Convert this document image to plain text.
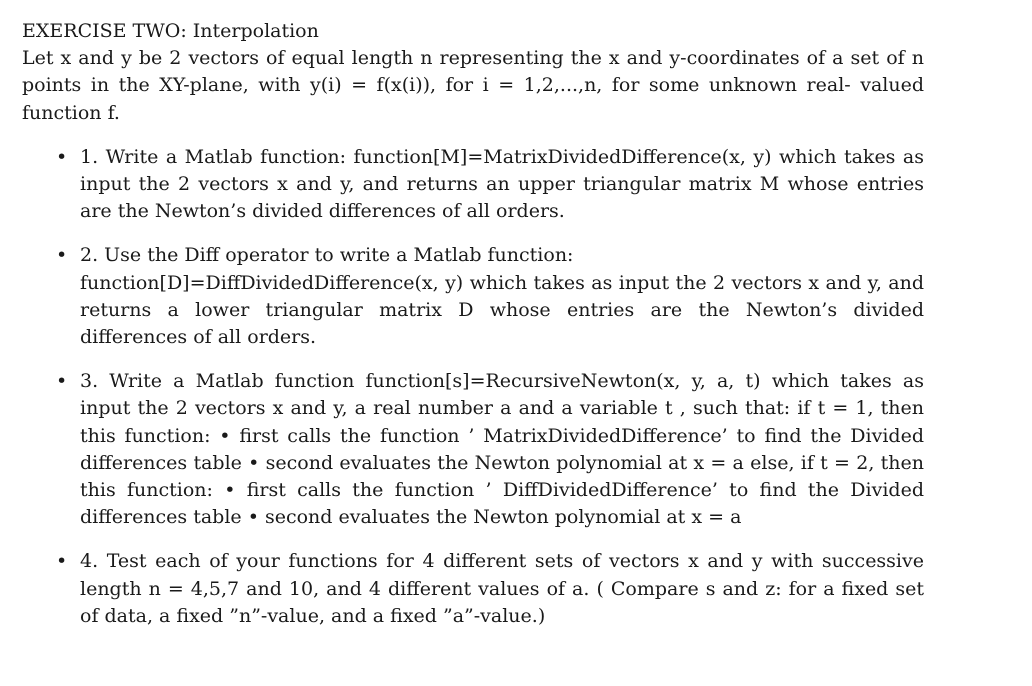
EXERCISE TWO: Interpolation

Let x and y be 2 vectors of equal length n representing the x and y-coordinates of a set of n points in the XY-plane, with y(i) = f(x(i)), for i = 1,2,...,n, for some unknown real- valued function f.

• 1. Write a Matlab function: function[M]=MatrixDividedDifference(x, y) which takes as input the 2 vectors x and y, and returns an upper triangular matrix M whose entries are the Newton’s divided differences of all orders.
• 2. Use the Diff operator to write a Matlab function:
function[D]=DiffDividedDifference(x, y) which takes as input the 2 vectors x and y, and returns a lower triangular matrix D whose entries are the Newton’s divided differences of all orders.
• 3. Write a Matlab function function[s]=RecursiveNewton(x, y, a, t) which takes as input the 2 vectors x and y, a real number a and a variable t , such that: if t = 1, then this function: • first calls the function ’ MatrixDividedDifference’ to find the Divided differences table • second evaluates the Newton polynomial at x = a else, if t = 2, then this function: • first calls the function ’ DiffDividedDifference’ to find the Divided differences table • second evaluates the Newton polynomial at x = a
• 4. Test each of your functions for 4 different sets of vectors x and y with successive length n = 4,5,7 and 10, and 4 different values of a. ( Compare s and z: for a fixed set of data, a fixed ”n”-value, and a fixed ”a”-value.)
